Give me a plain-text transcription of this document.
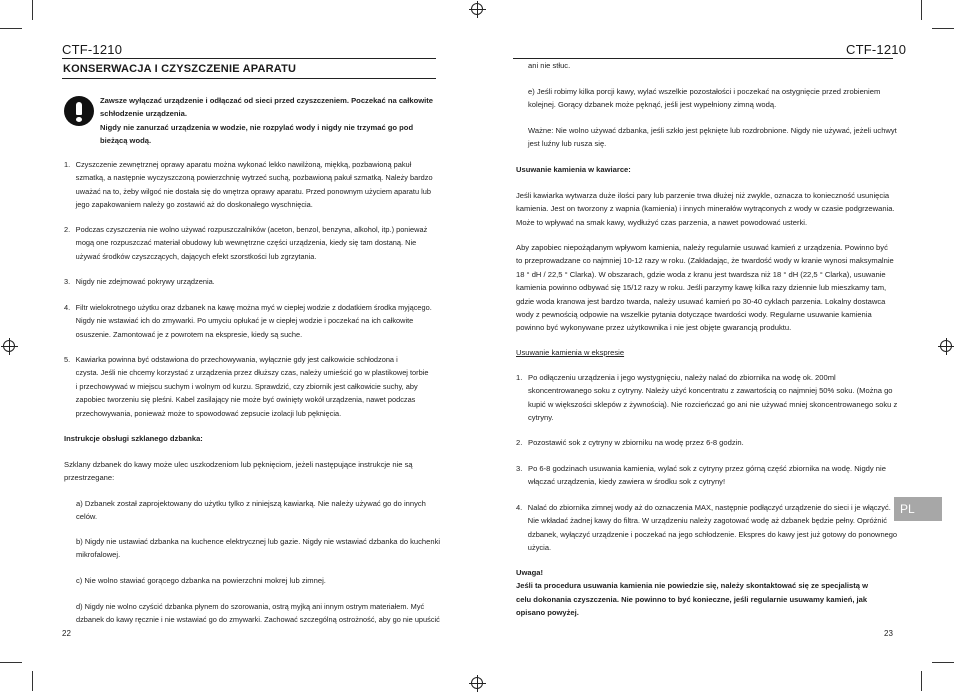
CTF-1210
KONSERWACJA I CZYSZCZENIE APARATU
Zawsze wyłączać urządzenie i odłączać od sieci przed czyszczeniem. Poczekać na całkowite
schłodzenie urządzenia.
Nigdy nie zanurzać urządzenia w wodzie, nie rozpylać wody i nigdy nie trzymać go pod
bieżącą wodą.
1. Czyszczenie zewnętrznej oprawy aparatu można wykonać lekko nawilżoną, miękką, pozbawioną pakuł
szmatką, a następnie wyczyszczoną powierzchnię wytrzeć suchą, pozbawioną pakuł szmatką. Należy bardzo
uważać na to, żeby wilgoć nie dostała się do wnętrza oprawy aparatu. Przed ponownym użyciem aparatu lub
jego zapakowaniem należy go zostawić aż do doskonałego wyschnięcia.
2. Podczas czyszczenia nie wolno używać rozpuszczalników (aceton, benzol, benzyna, alkohol, itp.) ponieważ
mogą one rozpuszczać materiał obudowy lub wewnętrzne części urządzenia, kiedy się tam dostaną. Nie
używać środków czyszczących, dających efekt szorstkości lub zgrzytania.
3. Nigdy nie zdejmować pokrywy urządzenia.
4. Filtr wielokrotnego użytku oraz dzbanek na kawę można myć w ciepłej wodzie z dodatkiem środka myjącego.
Nigdy nie wstawiać ich do zmywarki. Po umyciu opłukać je w ciepłej wodzie i poczekać na ich całkowite
osuszenie. Zamontować je z powrotem na ekspresie, kiedy są suche.
5. Kawiarka powinna być odstawiona do przechowywania, wyłącznie gdy jest całkowicie schłodzona i
czysta. Jeśli nie chcemy korzystać z urządzenia przez dłuższy czas, należy umieścić go w plastikowej torbie
i przechowywać w miejscu suchym i wolnym od kurzu. Sprawdzić, czy zbiornik jest całkowicie suchy, aby
zapobiec tworzeniu się pleśni. Kabel zasilający nie może być owinięty wokół urządzenia, nawet podczas
przechowywania, ponieważ może to spowodować zepsucie izolacji lub pęknięcia.
Instrukcje obsługi szklanego dzbanka:
Szklany dzbanek do kawy może ulec uszkodzeniom lub pęknięciom, jeżeli następujące instrukcje nie są
przestrzegane:
a) Dzbanek został zaprojektowany do użytku tylko z niniejszą kawiarką. Nie należy używać go do innych
celów.
b) Nigdy nie ustawiać dzbanka na kuchence elektrycznej lub gazie. Nigdy nie wstawiać dzbanka do kuchenki
mikrofalowej.
c) Nie wolno stawiać gorącego dzbanka na powierzchni mokrej lub zimnej.
d) Nigdy nie wolno czyścić dzbanka płynem do szorowania, ostrą myjką ani innym ostrym materiałem. Myć
dzbanek do kawy ręcznie i nie wstawiać go do zmywarki. Zachować szczególną ostrożność, aby go nie upuścić
22
CTF-1210
ani nie stłuc.
e) Jeśli robimy kilka porcji kawy, wylać wszelkie pozostałości i poczekać na ostygnięcie przed zrobieniem
kolejnej. Gorący dzbanek może pęknąć, jeśli jest wypełniony zimną wodą.
Ważne: Nie wolno używać dzbanka, jeśli szkło jest pęknięte lub rozdrobnione. Nigdy nie używać, jeżeli uchwyt
jest luźny lub rusza się.
Usuwanie kamienia w kawiarce:
Jeśli kawiarka wytwarza duże ilości pary lub parzenie trwa dłużej niż zwykle, oznacza to konieczność usunięcia
kamienia. Jest on tworzony z wapnia (kamienia) i innych minerałów wytrąconych z wody w czasie podgrzewania.
Może to wpływać na smak kawy, wydłużyć czas parzenia, a nawet powodować usterki.
Aby zapobiec niepożądanym wpływom kamienia, należy regularnie usuwać kamień z urządzenia. Powinno być
to przeprowadzane co najmniej 10-12 razy w roku. (Zakładając, że twardość wody w kranie wynosi maksymalnie
18 ° dH / 22,5 ° Clarka). W obszarach, gdzie woda z kranu jest twardsza niż 18 ° dH (22,5 ° Clarka), usuwanie
kamienia powinno odbywać się 15/12 razy w roku. Jeśli parzymy kawę kilka razy dziennie lub mieszkamy tam,
gdzie woda kranowa jest bardzo twarda, należy usuwać kamień po 30-40 cyklach parzenia. Lokalny dostawca
wody z pewnością odpowie na wszelkie pytania dotyczące twardości wody. Regularne usuwanie kamienia
powinno być wykonywane przez użytkownika i nie jest objęte gwarancją produktu.
Usuwanie kamienia w ekspresie
1. Po odłączeniu urządzenia i jego wystygnięciu, należy nalać do zbiornika na wodę ok. 200ml
skoncentrowanego soku z cytryny. Należy użyć koncentratu z zawartością co najmniej 50% soku. (Można go
kupić w większości sklepów z żywnością). Nie rozcieńczać go ani nie używać mniej skoncentrowanego soku z
cytryny.
2. Pozostawić sok z cytryny w zbiorniku na wodę przez 6-8 godzin.
3. Po 6-8 godzinach usuwania kamienia, wylać sok z cytryny przez górną część zbiornika na wodę. Nigdy nie
włączać urządzenia, kiedy zawiera w środku sok z cytryny!
4. Nalać do zbiornika zimnej wody aż do oznaczenia MAX, następnie podłączyć urządzenie do sieci i je włączyć.
Nie wkładać żadnej kawy do filtra. W urządzeniu należy zagotować wodę aż dzbanek będzie pełny. Opróżnić
dzbanek, wyłączyć urządzenie i poczekać na jego schłodzenie. Ekspres do kawy jest już gotowy do ponownego
użycia.
Uwaga!
Jeśli ta procedura usuwania kamienia nie powiedzie się, należy skontaktować się ze specjalistą w
celu dokonania czyszczenia. Nie powinno to być konieczne, jeśli regularnie usuwamy kamień, jak
opisano powyżej.
23
PL
